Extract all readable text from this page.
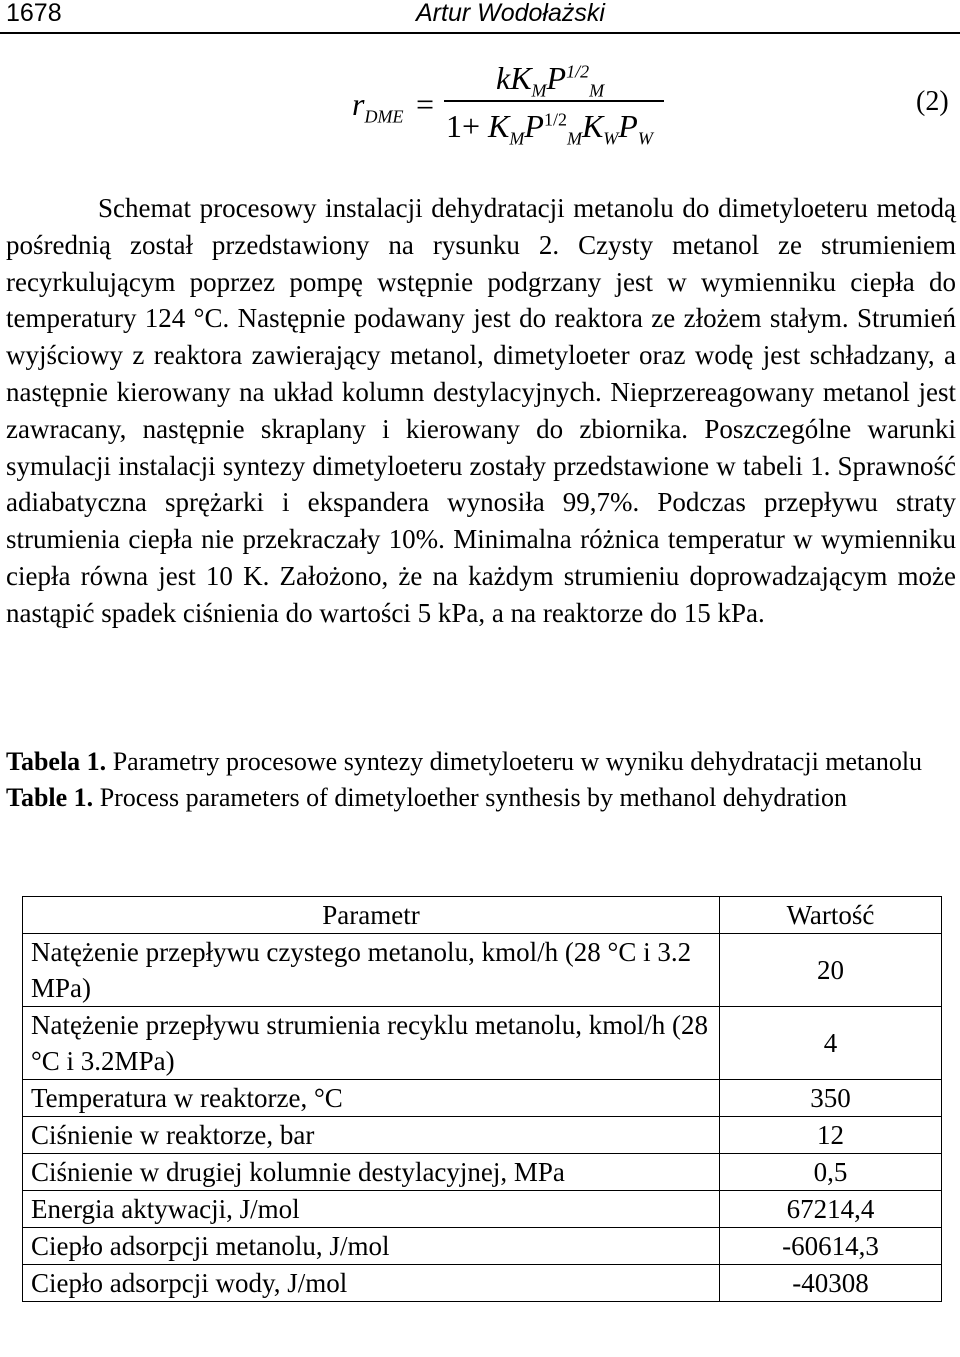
1678	Artur Wodołażski
$r_{DME}$ =
$kK_MP^{1/2}_M$
$1+ K_MP^{1/2}_MK_WP_W$
(2)

Schemat procesowy instalacji dehydratacji metanolu do dimetyloeteru metodą pośrednią został przedstawiony na rysunku 2. Czysty metanol ze strumieniem recyrkulującym poprzez pompę wstępnie podgrzany jest w wymienniku ciepła do temperatury 124 °C. Następnie podawany jest do reaktora ze złożem stałym. Strumień wyjściowy z reaktora zawierający metanol, dimetyloeter oraz wodę jest schładzany, a następnie kierowany na układ kolumn destylacyjnych. Nieprzereagowany metanol jest zawracany, następnie skraplany i kierowany do zbiornika. Poszczególne warunki symulacji instalacji syntezy dimetyloeteru zostały przedstawione w tabeli 1. Sprawność adiabatyczna sprężarki i ekspandera wynosiła 99,7%. Podczas przepływu straty strumienia ciepła nie przekraczały 10%. Minimalna różnica temperatur w wymienniku ciepła równa jest 10 K. Założono, że na każdym strumieniu doprowadzającym może nastąpić spadek ciśnienia do wartości 5 kPa, a na reaktorze do 15 kPa.

Tabela 1. Parametry procesowe syntezy dimetyloeteru w wyniku dehydratacji metanolu

Table 1. Process parameters of dimetyloether synthesis by methanol dehydration

Parametr	Wartość
Natężenie przepływu czystego metanolu, kmol/h (28 °C i 3.2 MPa)	20
Natężenie przepływu strumienia recyklu metanolu, kmol/h (28 °C i 3.2MPa)	4
Temperatura w reaktorze, °C	350
Ciśnienie w reaktorze, bar	12
Ciśnienie w drugiej kolumnie destylacyjnej, MPa	0,5
Energia aktywacji, J/mol	67214,4
Ciepło adsorpcji metanolu, J/mol	-60614,3
Ciepło adsorpcji wody, J/mol	-40308
